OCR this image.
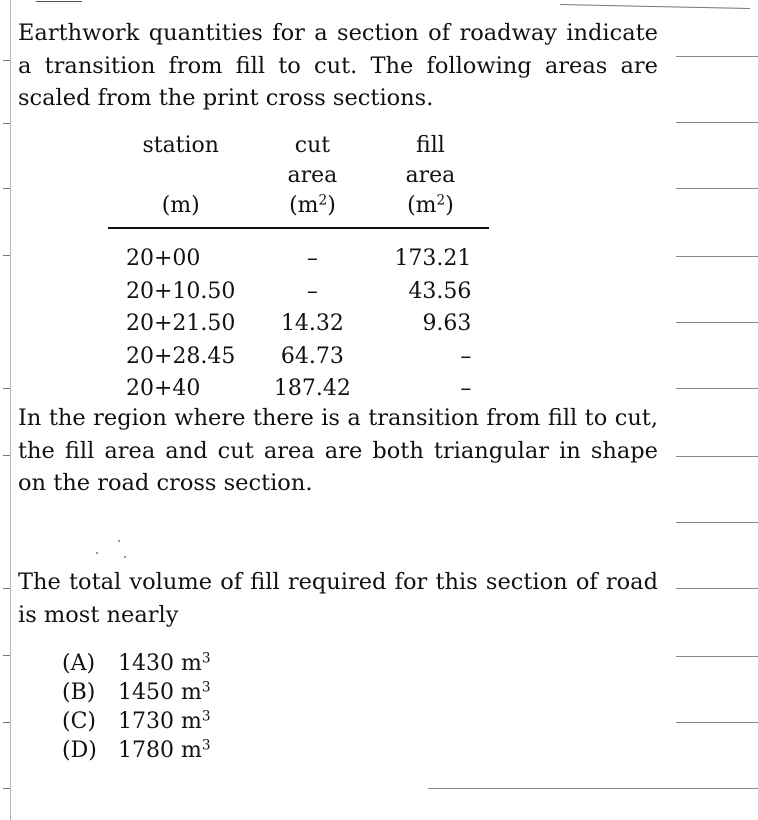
Earthwork quantities for a section of roadway indicate a transition from fill to cut. The following areas are scaled from the print cross sections.

station	cut area	fill area
(m)	$(m^2)$	$(m^2)$
20+00	–	173.21
20+10.50	–	43.56
20+21.50	14.32	9.63
20+28.45	64.73	–
20+40	187.42	–

In the region where there is a transition from fill to cut, the fill area and cut area are both triangular in shape on the road cross section.

The total volume of fill required for this section of road is most nearly

(A) 1430 $m^3$
(B) 1450 $m^3$
(C) 1730 $m^3$
(D) 1780 $m^3$
